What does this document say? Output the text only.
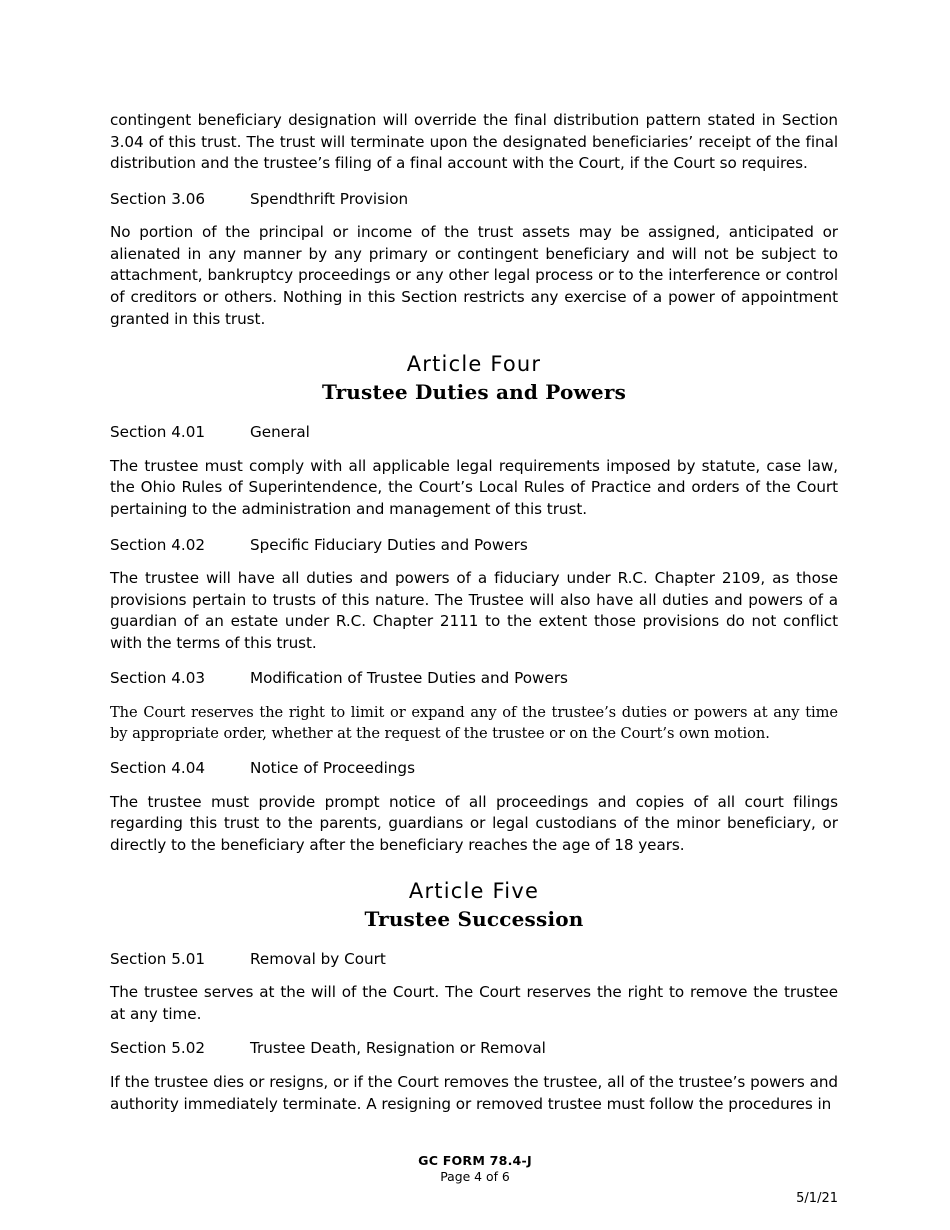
contingent beneficiary designation will override the final distribution pattern stated in Section 3.04 of this trust. The trust will terminate upon the designated beneficiaries’ receipt of the final distribution and the trustee’s filing of a final account with the Court, if the Court so requires.

Section 3.06	Spendthrift Provision

No portion of the principal or income of the trust assets may be assigned, anticipated or alienated in any manner by any primary or contingent beneficiary and will not be subject to attachment, bankruptcy proceedings or any other legal process or to the interference or control of creditors or others. Nothing in this Section restricts any exercise of a power of appointment granted in this trust.

Article Four
Trustee Duties and Powers
Section 4.01	General

The trustee must comply with all applicable legal requirements imposed by statute, case law, the Ohio Rules of Superintendence, the Court’s Local Rules of Practice and orders of the Court pertaining to the administration and management of this trust.

Section 4.02	Specific Fiduciary Duties and Powers

The trustee will have all duties and powers of a fiduciary under R.C. Chapter 2109, as those provisions pertain to trusts of this nature. The Trustee will also have all duties and powers of a guardian of an estate under R.C. Chapter 2111 to the extent those provisions do not conflict with the terms of this trust.

Section 4.03	Modification of Trustee Duties and Powers

The Court reserves the right to limit or expand any of the trustee’s duties or powers at any time by appropriate order, whether at the request of the trustee or on the Court’s own motion.

Section 4.04	Notice of Proceedings

The trustee must provide prompt notice of all proceedings and copies of all court filings regarding this trust to the parents, guardians or legal custodians of the minor beneficiary, or directly to the beneficiary after the beneficiary reaches the age of 18 years.

Article Five
Trustee Succession
Section 5.01	Removal by Court

The trustee serves at the will of the Court. The Court reserves the right to remove the trustee at any time.

Section 5.02	Trustee Death, Resignation or Removal

If the trustee dies or resigns, or if the Court removes the trustee, all of the trustee’s powers and authority immediately terminate. A resigning or removed trustee must follow the procedures in

GC FORM 78.4-J
Page 4 of 6
5/1/21
